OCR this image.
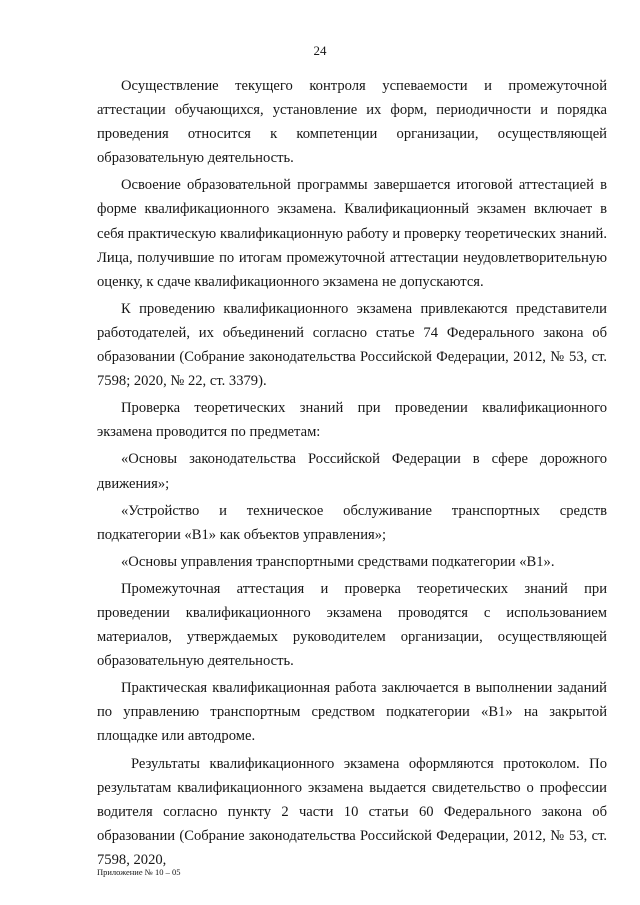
24

Осуществление текущего контроля успеваемости и промежуточной аттестации обучающихся, установление их форм, периодичности и порядка проведения относится к компетенции организации, осуществляющей образовательную деятельность.

Освоение образовательной программы завершается итоговой аттестацией в форме квалификационного экзамена. Квалификационный экзамен включает в себя практическую квалификационную работу и проверку теоретических знаний. Лица, получившие по итогам промежуточной аттестации неудовлетворительную оценку, к сдаче квалификационного экзамена не допускаются.

К проведению квалификационного экзамена привлекаются представители работодателей, их объединений согласно статье 74 Федерального закона об образовании (Собрание законодательства Российской Федерации, 2012, № 53, ст. 7598; 2020, № 22, ст. 3379).

Проверка теоретических знаний при проведении квалификационного экзамена проводится по предметам:

«Основы законодательства Российской Федерации в сфере дорожного движения»;

«Устройство и техническое обслуживание транспортных средств подкатегории «В1» как объектов управления»;

«Основы управления транспортными средствами подкатегории «В1».

Промежуточная аттестация и проверка теоретических знаний при проведении квалификационного экзамена проводятся с использованием материалов, утверждаемых руководителем организации, осуществляющей образовательную деятельность.

Практическая квалификационная работа заключается в выполнении заданий по управлению транспортным средством подкатегории «В1» на закрытой площадке или автодроме.

Результаты квалификационного экзамена оформляются протоколом. По результатам квалификационного экзамена выдается свидетельство о профессии водителя согласно пункту 2 части 10 статьи 60 Федерального закона об образовании (Собрание законодательства Российской Федерации, 2012, № 53, ст. 7598, 2020,

Приложение № 10 – 05
